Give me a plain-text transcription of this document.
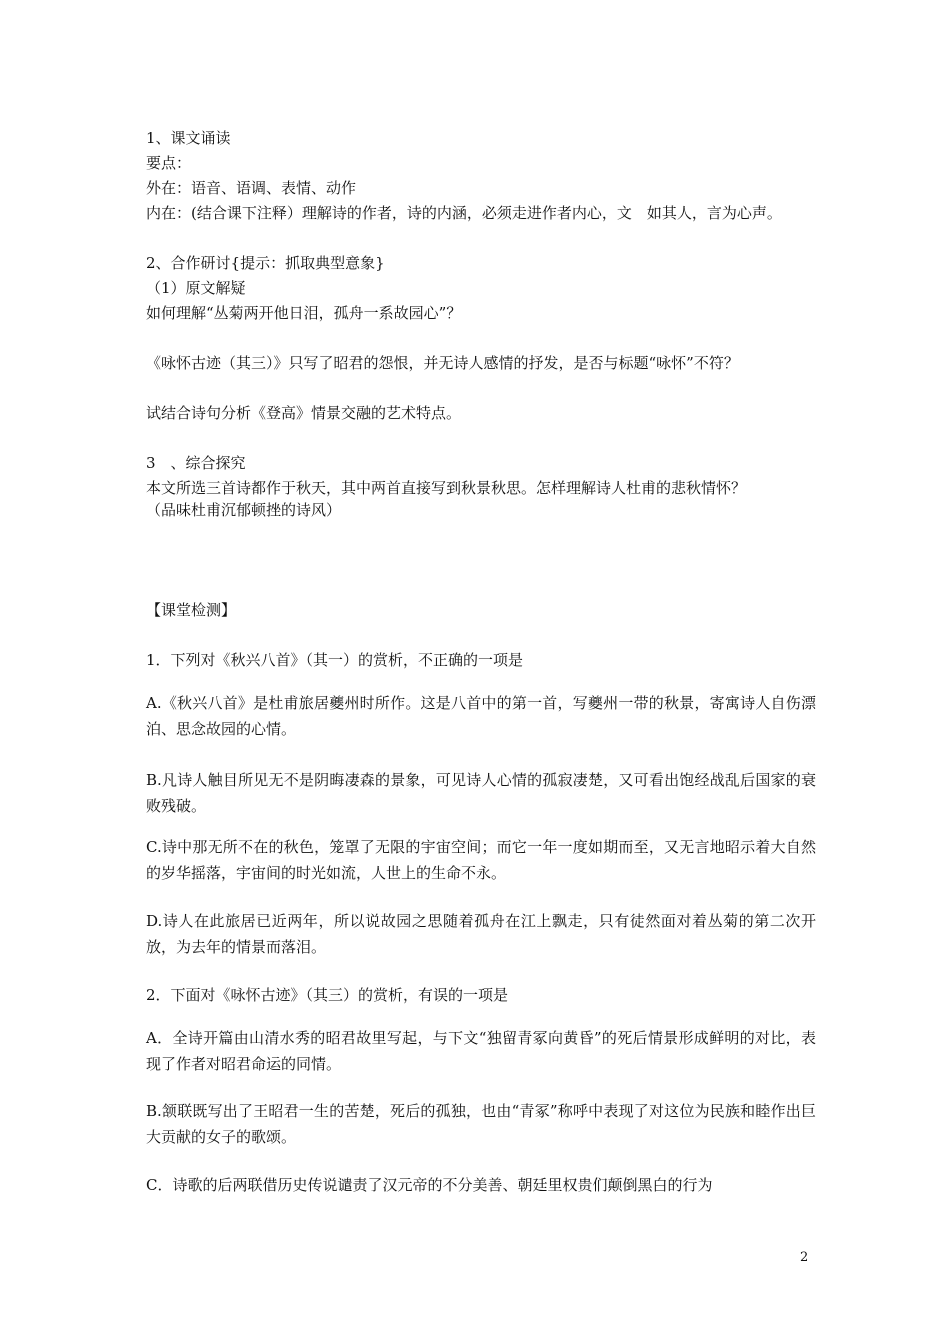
1、课文诵读
要点：
外在：语音、语调、表情、动作
内在：(结合课下注释）理解诗的作者，诗的内涵，必须走进作者内心，文　如其人，言为心声。
2、合作研讨{提示：抓取典型意象}
（1）原文解疑
如何理解“丛菊两开他日泪，孤舟一系故园心”？
《咏怀古迹（其三）》只写了昭君的怨恨，并无诗人感情的抒发，是否与标题“咏怀”不符？
试结合诗句分析《登高》情景交融的艺术特点。
3　、综合探究
本文所选三首诗都作于秋天，其中两首直接写到秋景秋思。怎样理解诗人杜甫的悲秋情怀？
（品味杜甫沉郁顿挫的诗风）
【课堂检测】
1．下列对《秋兴八首》（其一）的赏析，不正确的一项是
A.《秋兴八首》是杜甫旅居夔州时所作。这是八首中的第一首，写夔州一带的秋景，寄寓诗人自伤漂泊、思念故园的心情。
B.凡诗人触目所见无不是阴晦凄森的景象，可见诗人心情的孤寂凄楚，又可看出饱经战乱后国家的衰败残破。
C.诗中那无所不在的秋色，笼罩了无限的宇宙空间；而它一年一度如期而至，又无言地昭示着大自然的岁华摇落，宇宙间的时光如流，人世上的生命不永。
D.诗人在此旅居已近两年，所以说故园之思随着孤舟在江上飘走，只有徒然面对着丛菊的第二次开放，为去年的情景而落泪。
2．下面对《咏怀古迹》（其三）的赏析，有误的一项是
A．全诗开篇由山清水秀的昭君故里写起，与下文“独留青冢向黄昏”的死后情景形成鲜明的对比，表现了作者对昭君命运的同情。
B.颔联既写出了王昭君一生的苦楚，死后的孤独，也由“青冢”称呼中表现了对这位为民族和睦作出巨大贡献的女子的歌颂。
C．诗歌的后两联借历史传说谴责了汉元帝的不分美善、朝廷里权贵们颠倒黑白的行为
2
